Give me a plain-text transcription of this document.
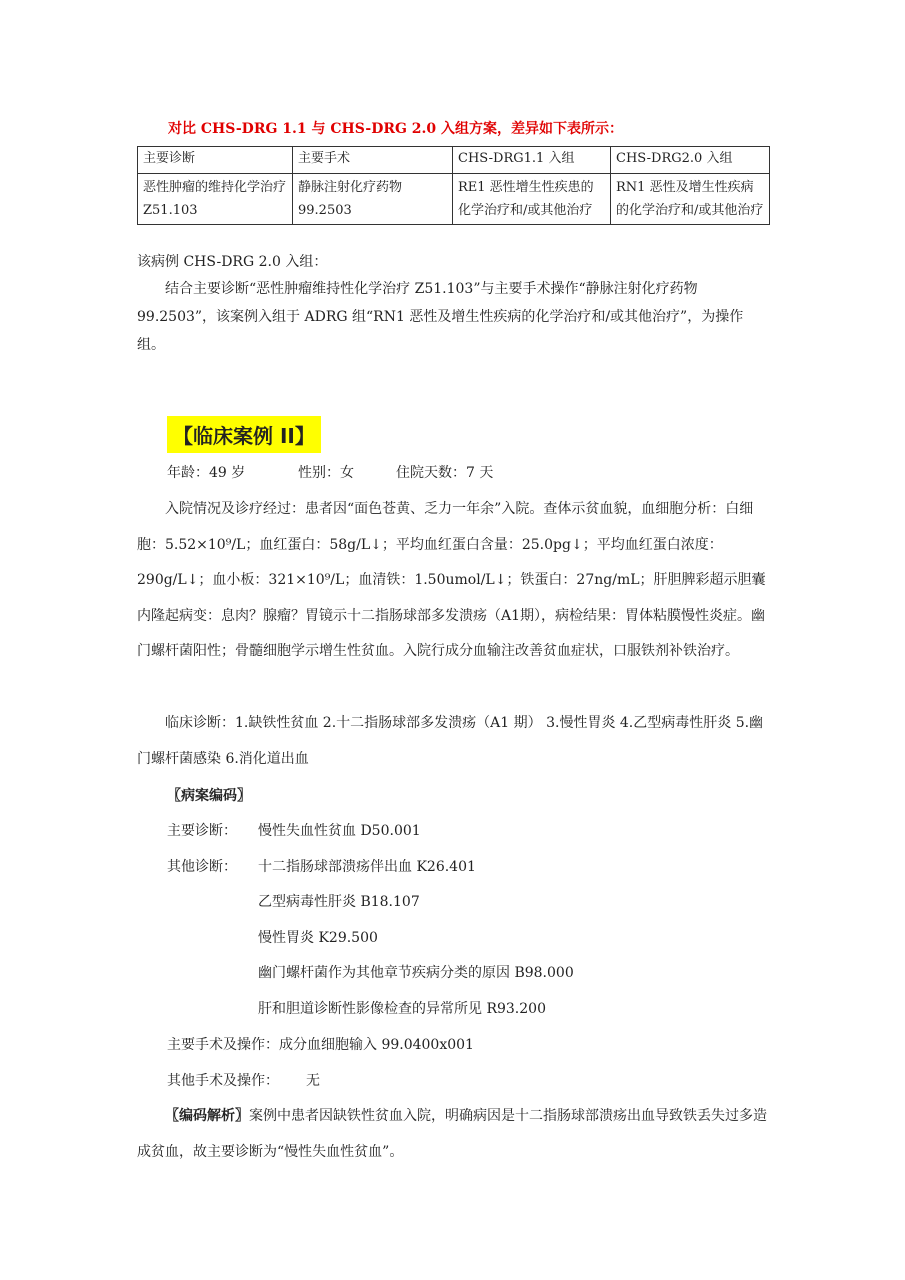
对比 CHS-DRG 1.1 与 CHS-DRG 2.0 入组方案，差异如下表所示：
主要诊断	主要手术	CHS-DRG1.1 入组	CHS-DRG2.0 入组
恶性肿瘤的维持化学治疗 Z51.103	静脉注射化疗药物 99.2503	RE1 恶性增生性疾患的化学治疗和/或其他治疗	RN1 恶性及增生性疾病的化学治疗和/或其他治疗
该病例 CHS-DRG 2.0 入组：
结合主要诊断“恶性肿瘤维持性化学治疗 Z51.103”与主要手术操作“静脉注射化疗药物 99.2503”，该案例入组于 ADRG 组“RN1 恶性及增生性疾病的化学治疗和/或其他治疗”，为操作组。
【临床案例 II】
年龄：49 岁	性别：女	住院天数：7 天
入院情况及诊疗经过：患者因“面色苍黄、乏力一年余”入院。查体示贫血貌，血细胞分析：白细胞：5.52×10⁹/L；血红蛋白：58g/L↓；平均血红蛋白含量：25.0pg↓；平均血红蛋白浓度：290g/L↓；血小板：321×10⁹/L；血清铁：1.50umol/L↓；铁蛋白：27ng/mL；肝胆脾彩超示胆囊内隆起病变：息肉？腺瘤？胃镜示十二指肠球部多发溃疡（A1期），病检结果：胃体粘膜慢性炎症。幽门螺杆菌阳性；骨髓细胞学示增生性贫血。入院行成分血输注改善贫血症状，口服铁剂补铁治疗。
临床诊断：1.缺铁性贫血 2.十二指肠球部多发溃疡（A1 期） 3.慢性胃炎 4.乙型病毒性肝炎 5.幽门螺杆菌感染 6.消化道出血
〖病案编码〗
主要诊断： 慢性失血性贫血 D50.001
其他诊断： 十二指肠球部溃疡伴出血 K26.401
乙型病毒性肝炎 B18.107
慢性胃炎 K29.500
幽门螺杆菌作为其他章节疾病分类的原因 B98.000
肝和胆道诊断性影像检查的异常所见 R93.200
主要手术及操作：成分血细胞输入 99.0400x001
其他手术及操作： 无
〖编码解析〗案例中患者因缺铁性贫血入院，明确病因是十二指肠球部溃疡出血导致铁丢失过多造成贫血，故主要诊断为“慢性失血性贫血”。
